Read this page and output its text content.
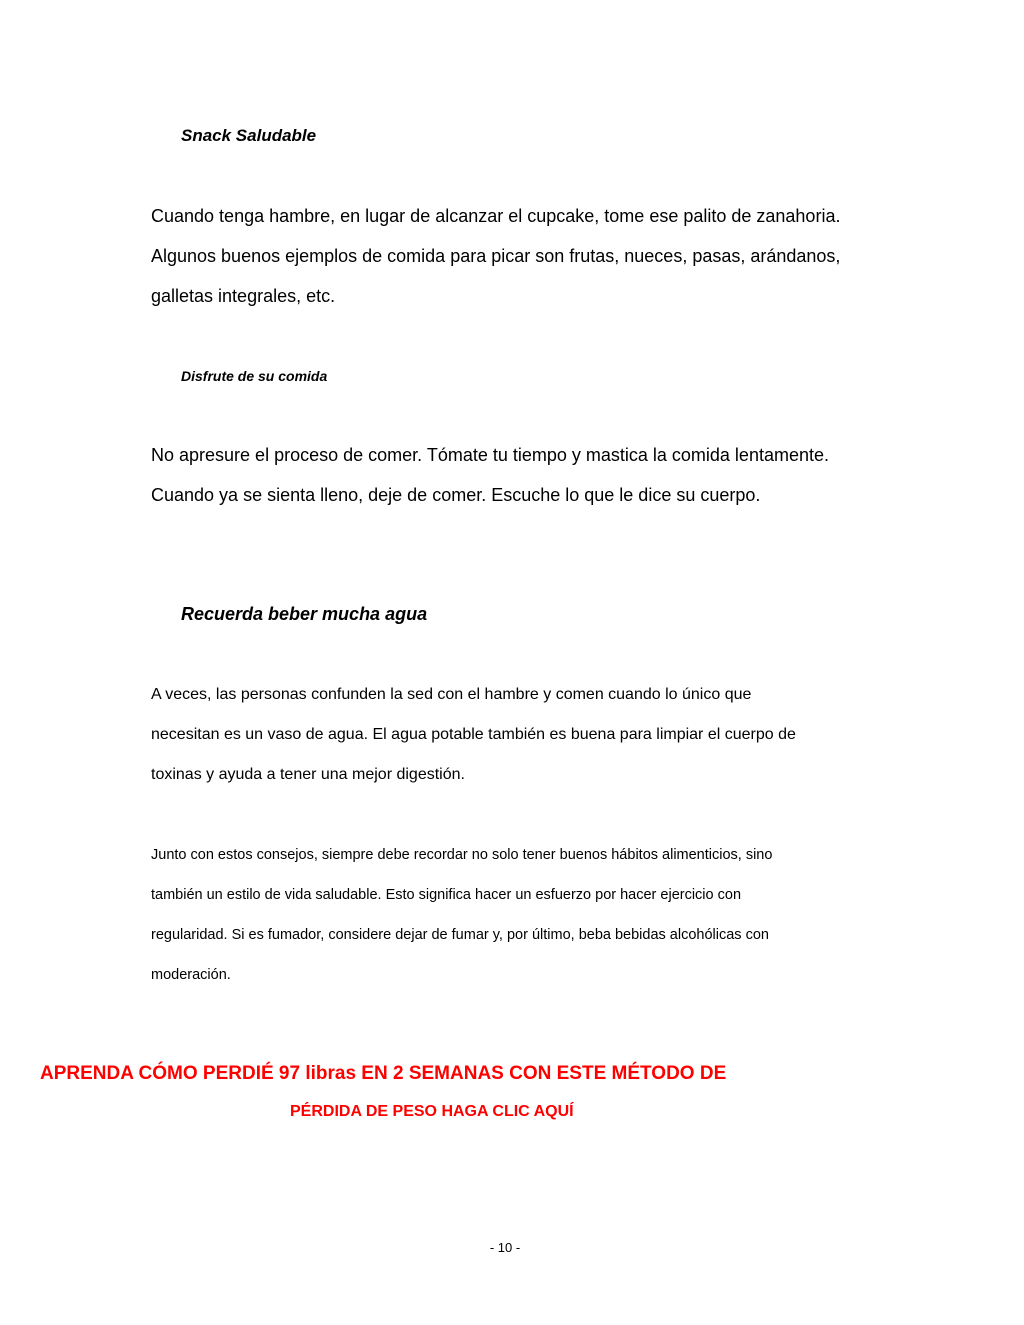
Snack Saludable
Cuando tenga hambre, en lugar de alcanzar el cupcake, tome ese palito de zanahoria.
Algunos buenos ejemplos de comida para picar son frutas, nueces, pasas, arándanos,
galletas integrales, etc.
Disfrute de su comida
No apresure el proceso de comer. Tómate tu tiempo y mastica la comida lentamente.
Cuando ya se sienta lleno, deje de comer. Escuche lo que le dice su cuerpo.
Recuerda beber mucha agua
A veces, las personas confunden la sed con el hambre y comen cuando lo único que
necesitan es un vaso de agua. El agua potable también es buena para limpiar el cuerpo de
toxinas y ayuda a tener una mejor digestión.
Junto con estos consejos, siempre debe recordar no solo tener buenos hábitos alimenticios, sino
también un estilo de vida saludable. Esto significa hacer un esfuerzo por hacer ejercicio con
regularidad. Si es fumador, considere dejar de fumar y, por último, beba bebidas alcohólicas con
moderación.
APRENDA CÓMO PERDIÉ 97 libras EN 2 SEMANAS CON ESTE MÉTODO DE
PÉRDIDA DE PESO HAGA CLIC AQUÍ
- 10 -
